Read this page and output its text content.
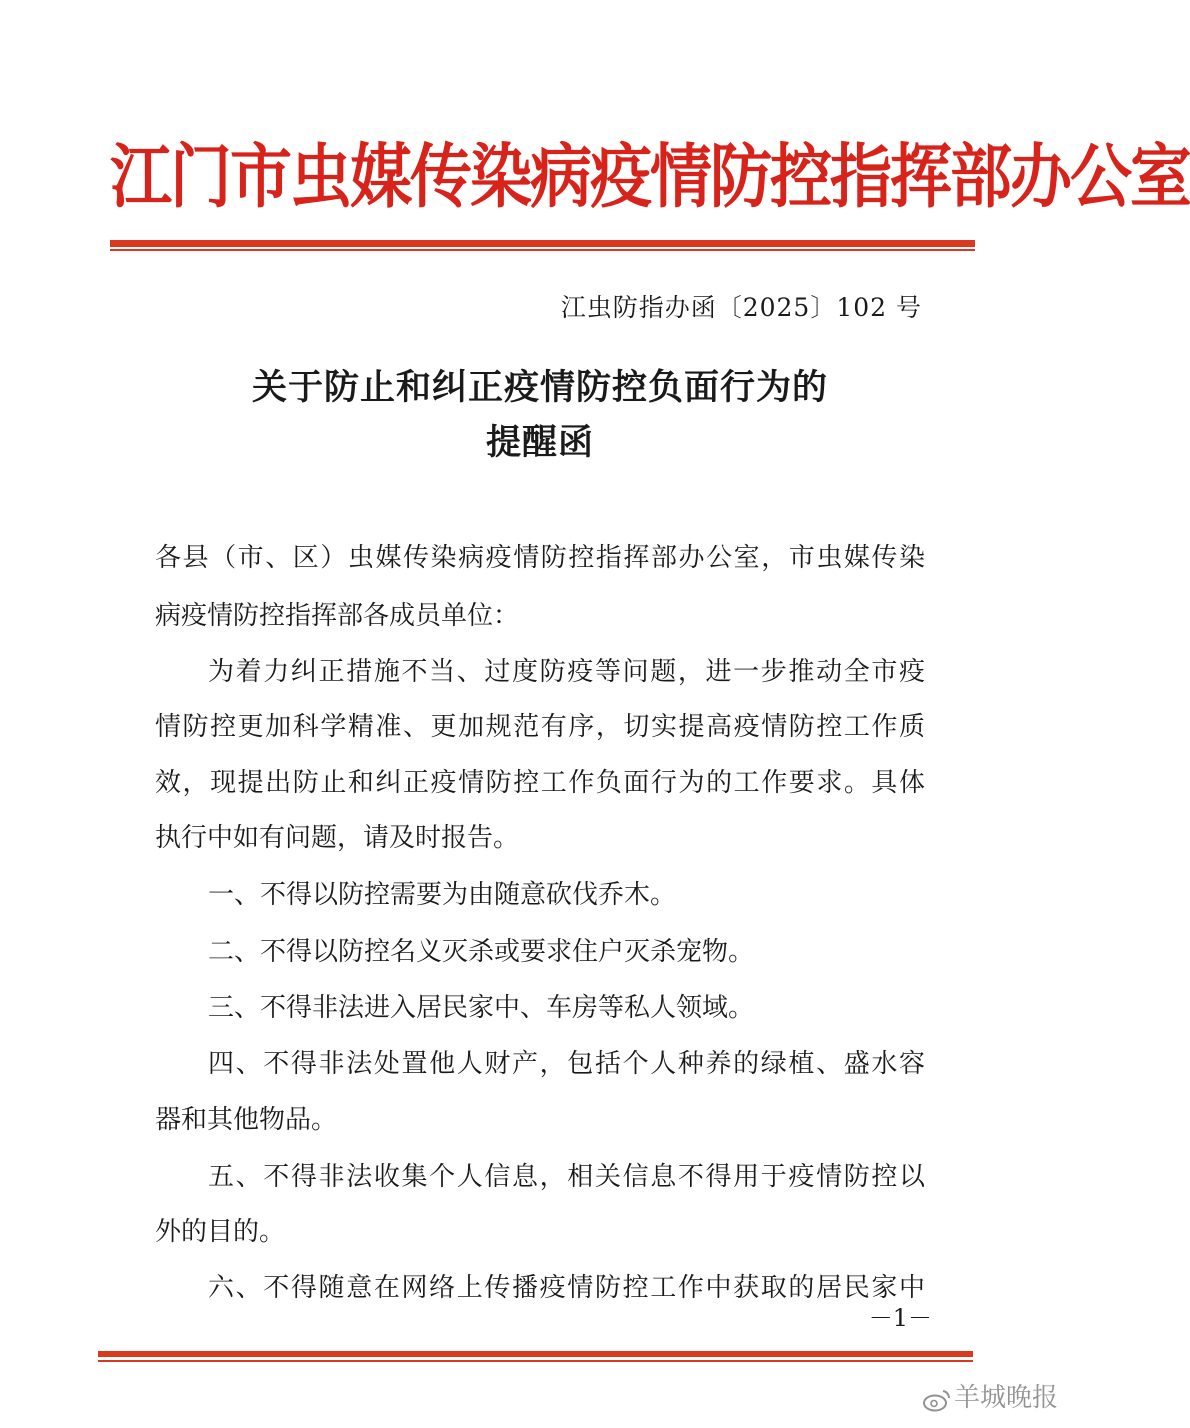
江门市虫媒传染病疫情防控指挥部办公室
江虫防指办函〔2025〕102 号
关于防止和纠正疫情防控负面行为的
提醒函
各县（市、区）虫媒传染病疫情防控指挥部办公室，市虫媒传染
病疫情防控指挥部各成员单位：
为着力纠正措施不当、过度防疫等问题，进一步推动全市疫
情防控更加科学精准、更加规范有序，切实提高疫情防控工作质
效，现提出防止和纠正疫情防控工作负面行为的工作要求。具体
执行中如有问题，请及时报告。
一、不得以防控需要为由随意砍伐乔木。
二、不得以防控名义灭杀或要求住户灭杀宠物。
三、不得非法进入居民家中、车房等私人领域。
四、不得非法处置他人财产，包括个人种养的绿植、盛水容
器和其他物品。
五、不得非法收集个人信息，相关信息不得用于疫情防控以
外的目的。
六、不得随意在网络上传播疫情防控工作中获取的居民家中
－1－
羊城晚报
